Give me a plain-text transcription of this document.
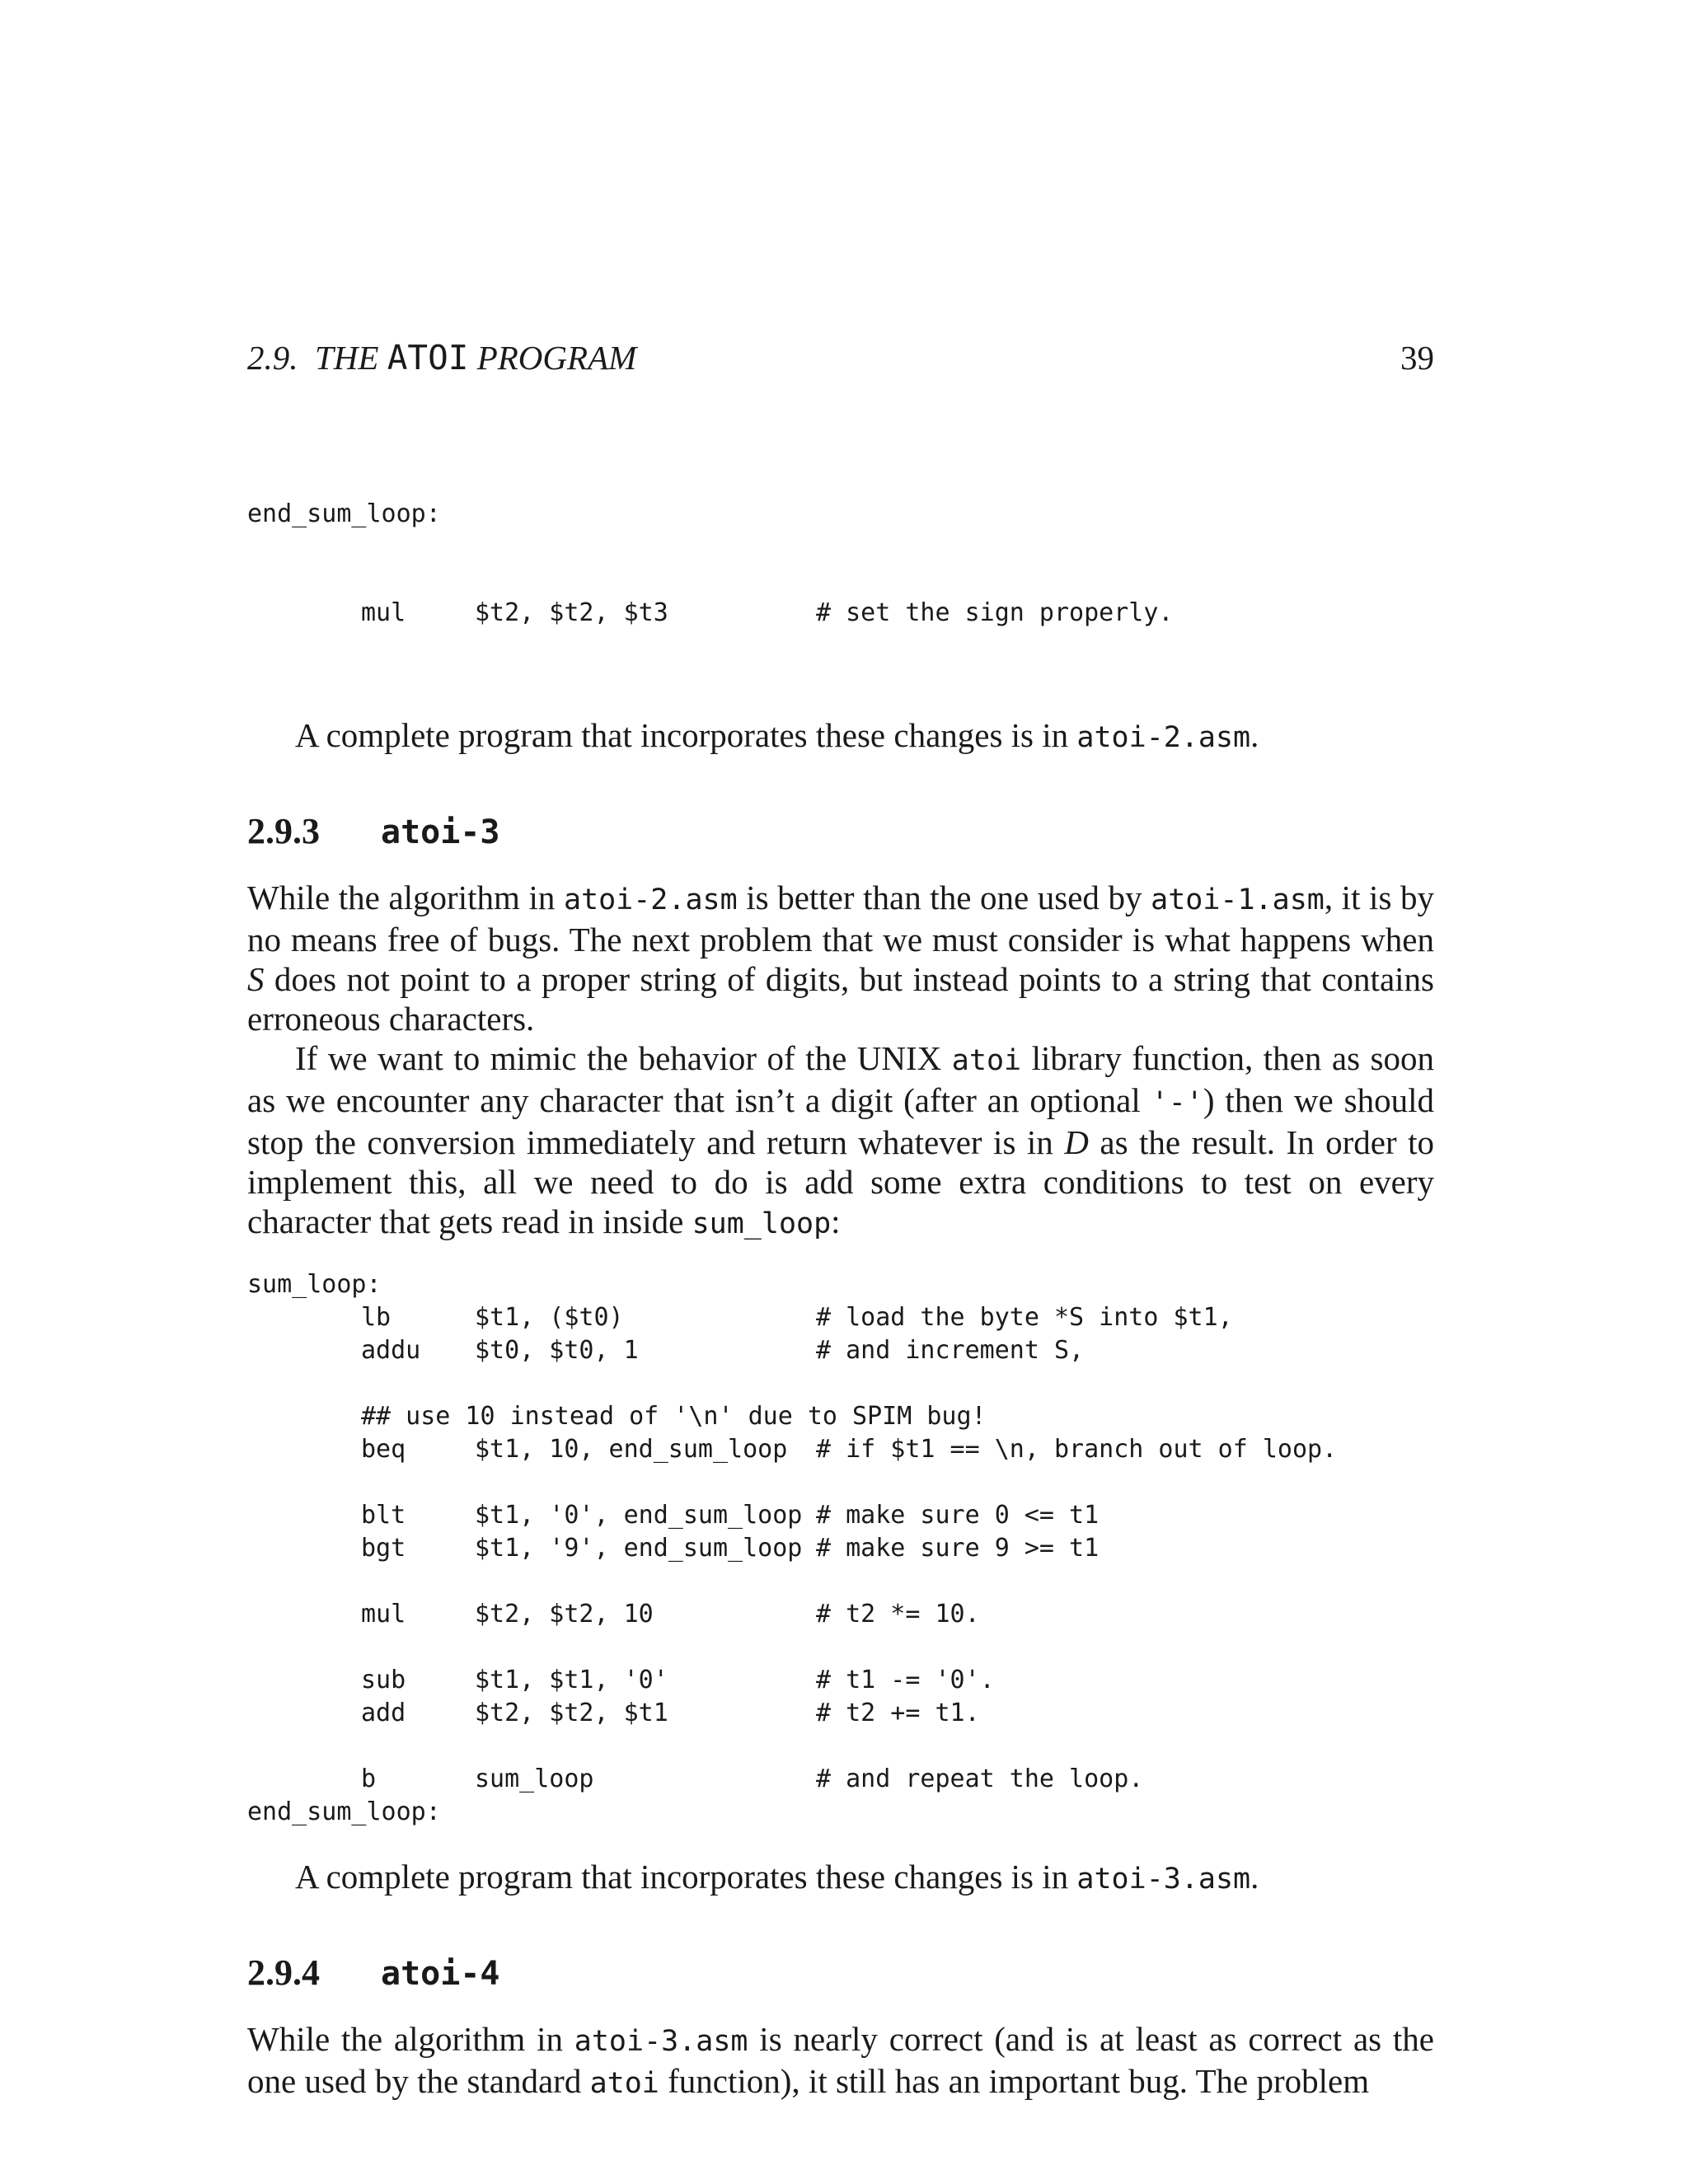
2.9. THE ATOI PROGRAM	39

end_sum_loop:

mul	$t2, $t2, $t3	# set the sign properly.

A complete program that incorporates these changes is in atoi-2.asm.

2.9.3 atoi-3

While the algorithm in atoi-2.asm is better than the one used by atoi-1.asm, it is by no means free of bugs. The next problem that we must consider is what happens when S does not point to a proper string of digits, but instead points to a string that contains erroneous characters.

If we want to mimic the behavior of the UNIX atoi library function, then as soon as we encounter any character that isn’t a digit (after an optional '-') then we should stop the conversion immediately and return whatever is in D as the result. In order to implement this, all we need to do is add some extra conditions to test on every character that gets read in inside sum_loop:

sum_loop:
lb	$t1, ($t0)	# load the byte *S into $t1,
addu $t0, $t0, 1	# and increment S,
## use 10 instead of '\n' due to SPIM bug!
beq	$t1, 10, end_sum_loop # if $t1 == \n, branch out of loop.
blt	$t1, '0', end_sum_loop # make sure 0 <= t1
bgt	$t1, '9', end_sum_loop # make sure 9 >= t1
mul	$t2, $t2, 10	# t2 *= 10.
sub	$t1, $t1, '0'	# t1 -= '0'.
add	$t2, $t2, $t1	# t2 += t1.
b	sum_loop	# and repeat the loop.
end_sum_loop:

A complete program that incorporates these changes is in atoi-3.asm.

2.9.4 atoi-4

While the algorithm in atoi-3.asm is nearly correct (and is at least as correct as the one used by the standard atoi function), it still has an important bug. The problem
